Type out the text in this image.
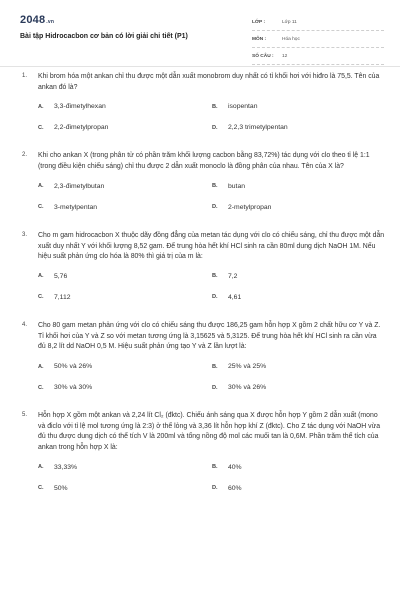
2048.vn
Bài tập Hidrocacbon cơ bản có lời giải chi tiết (P1)
LỚP :	Lớp 11
MÔN :	Hóa học
SỐ CÂU :	12
1. Khi brom hóa một ankan chỉ thu được một dẫn xuất monobrom duy nhất có tỉ khối hơi với hiđro là 75,5. Tên của ankan đó là?
A.	3,3-đimetylhexan	B.	isopentan
C.	2,2-đimetylpropan	D.	2,2,3 trimetylpentan
2. Khi cho ankan X (trong phân tử có phần trăm khối lượng cacbon bằng 83,72%) tác dụng với clo theo tỉ lệ 1:1 (trong điều kiện chiếu sáng) chỉ thu được 2 dẫn xuất monoclo là đồng phân của nhau. Tên của X là?
A.	2,3-đimetylbutan	B.	butan
C.	3-metylpentan	D.	2-metylpropan
3. Cho m gam hidrocacbon X thuộc dãy đồng đẳng của metan tác dụng với clo có chiếu sáng, chỉ thu được một dẫn xuất duy nhất Y với khối lượng 8,52 gam. Để trung hòa hết khí HCl sinh ra cần 80ml dung dịch NaOH 1M. Nếu hiệu suất phản ứng clo hóa là 80% thì giá trị của m là:
A.	5,76	B.	7,2
C.	7,112	D.	4,61
4. Cho 80 gam metan phản ứng với clo có chiếu sáng thu được 186,25 gam hỗn hợp X gồm 2 chất hữu cơ Y và Z. Tỉ khối hơi của Y và Z so với metan tương ứng là 3,15625 và 5,3125. Để trung hòa hết khí HCl sinh ra cần vừa đủ 8,2 lít dd NaOH 0,5 M. Hiệu suất phản ứng tạo Y và Z lần lượt là:
A.	50% và 26%	B.	25% và 25%
C.	30% và 30%	D.	30% và 26%
5. Hỗn hợp X gồm một ankan và 2,24 lít Cl₂ (đktc). Chiếu ánh sáng qua X được hỗn hợp Y gồm 2 dẫn xuất (mono và điclo với tỉ lệ mol tương ứng là 2:3) ở thể lỏng và 3,36 lít hỗn hợp khí Z (đktc). Cho Z tác dụng với NaOH vừa đủ thu được dung dịch có thể tích V là 200ml và tổng nồng độ mol các muối tan là 0,6M. Phần trăm thể tích của ankan trong hỗn hợp X là:
A.	33,33%	B.	40%
C.	50%	D.	60%
